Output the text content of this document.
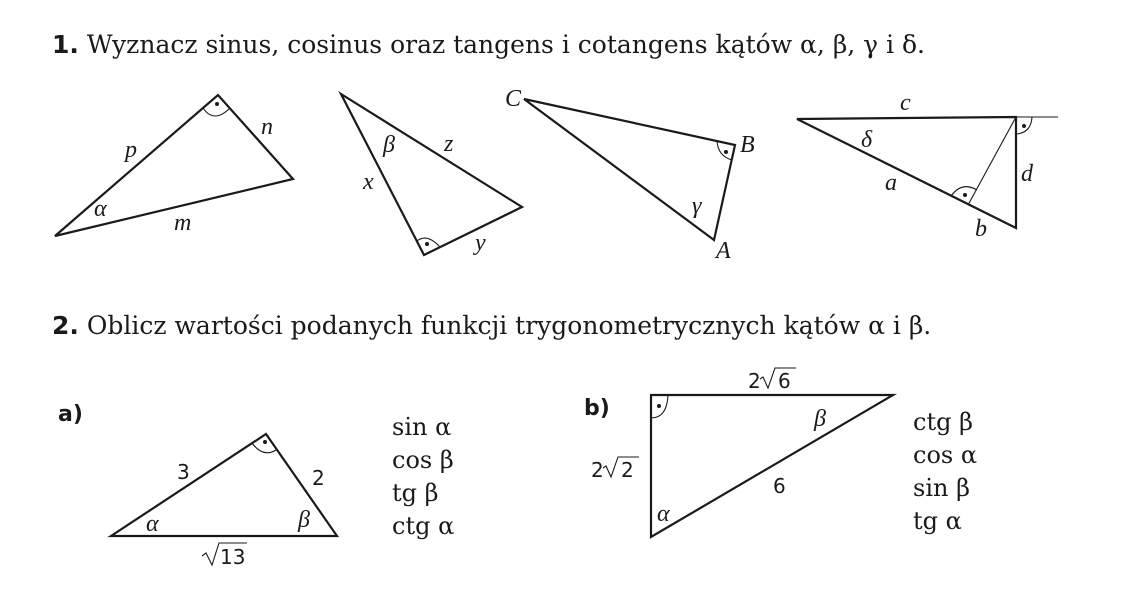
1. Wyznacz sinus, cosinus oraz tangens i cotangens kątów α, β, γ i δ.
2. Oblicz wartości podanych funkcji trygonometrycznych kątów α i β.
a)	b)
sin α
cos β
tg β
ctg α
ctg β
cos α
sin β
tg α
p
n
m
α
β z
x
y
C
B
A
γ
c
δ
d
a
b
3	2
α	β
13
β
α
6
2 6
2 2
